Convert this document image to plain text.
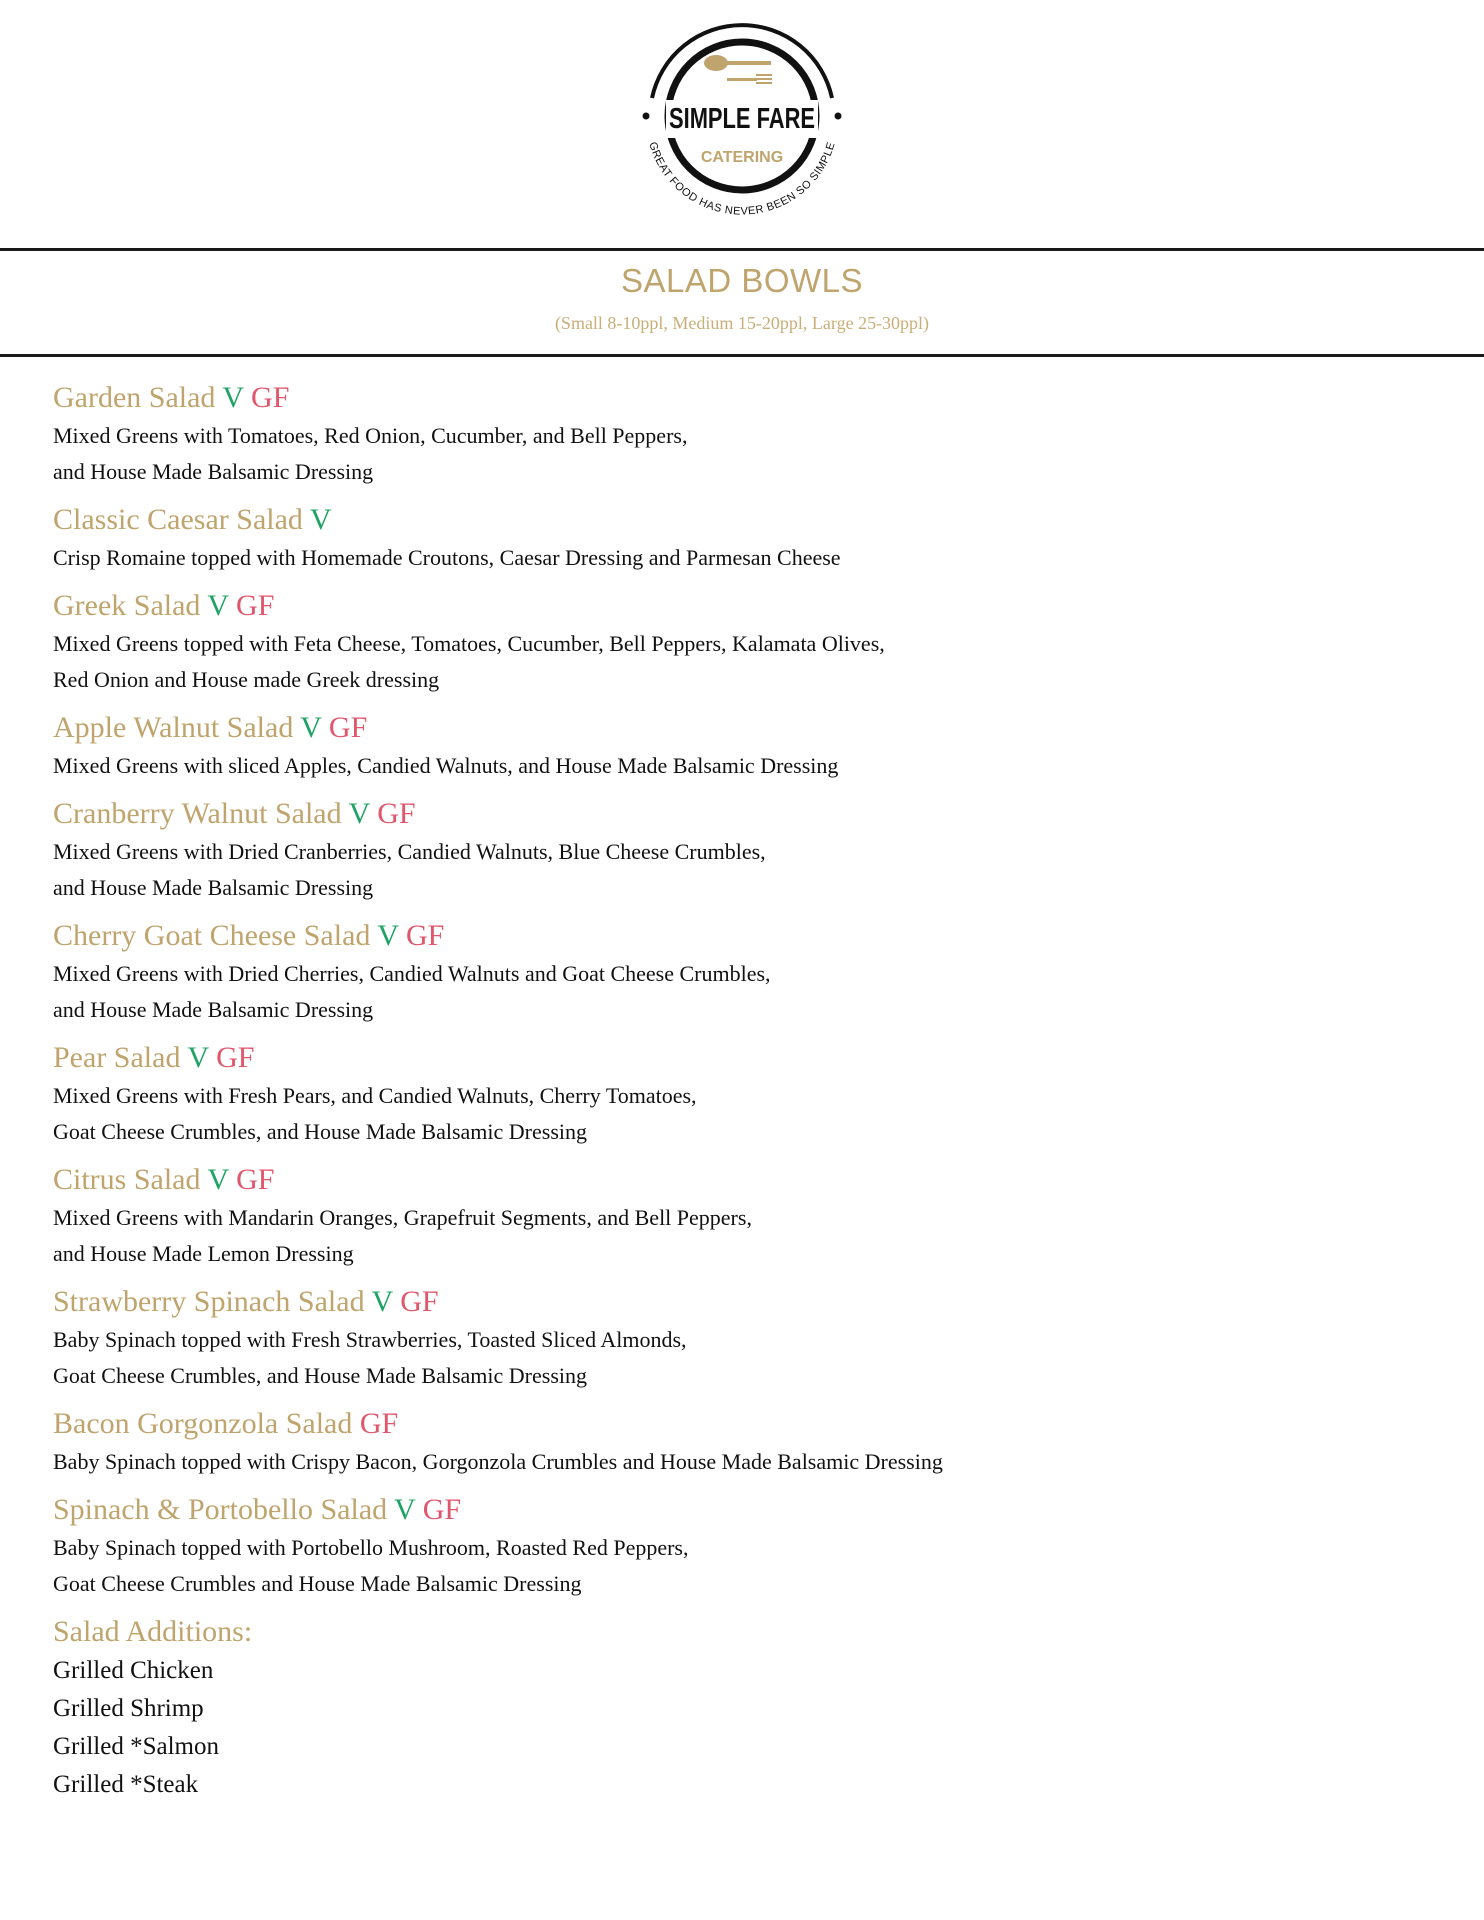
SIMPLE FARE
CATERING
GREAT FOOD HAS NEVER BEEN SO SIMPLE
SALAD BOWLS
(Small 8-10ppl, Medium 15-20ppl, Large 25-30ppl)
Garden Salad V GF
Mixed Greens with Tomatoes, Red Onion, Cucumber, and Bell Peppers,
and House Made Balsamic Dressing
Classic Caesar Salad V
Crisp Romaine topped with Homemade Croutons, Caesar Dressing and Parmesan Cheese
Greek Salad V GF
Mixed Greens topped with Feta Cheese, Tomatoes, Cucumber, Bell Peppers, Kalamata Olives,
Red Onion and House made Greek dressing
Apple Walnut Salad V GF
Mixed Greens with sliced Apples, Candied Walnuts, and House Made Balsamic Dressing
Cranberry Walnut Salad V GF
Mixed Greens with Dried Cranberries, Candied Walnuts, Blue Cheese Crumbles,
and House Made Balsamic Dressing
Cherry Goat Cheese Salad V GF
Mixed Greens with Dried Cherries, Candied Walnuts and Goat Cheese Crumbles,
and House Made Balsamic Dressing
Pear Salad V GF
Mixed Greens with Fresh Pears, and Candied Walnuts, Cherry Tomatoes,
Goat Cheese Crumbles, and House Made Balsamic Dressing
Citrus Salad V GF
Mixed Greens with Mandarin Oranges, Grapefruit Segments, and Bell Peppers,
and House Made Lemon Dressing
Strawberry Spinach Salad V GF
Baby Spinach topped with Fresh Strawberries, Toasted Sliced Almonds,
Goat Cheese Crumbles, and House Made Balsamic Dressing
Bacon Gorgonzola Salad GF
Baby Spinach topped with Crispy Bacon, Gorgonzola Crumbles and House Made Balsamic Dressing
Spinach & Portobello Salad V GF
Baby Spinach topped with Portobello Mushroom, Roasted Red Peppers,
Goat Cheese Crumbles and House Made Balsamic Dressing
Salad Additions:
Grilled Chicken
Grilled Shrimp
Grilled *Salmon
Grilled *Steak
